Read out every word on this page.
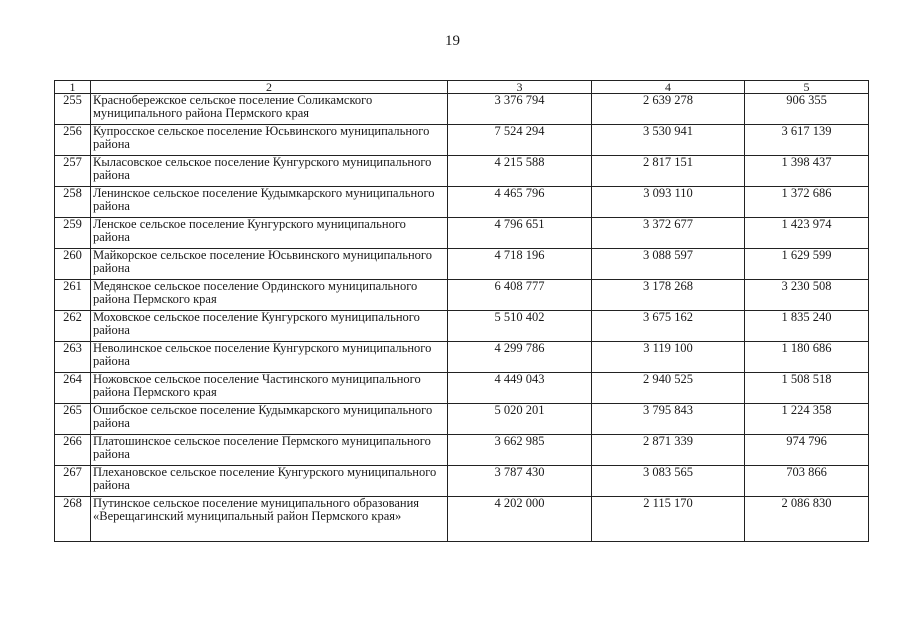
19
1	2	3	4	5
255	Краснобережское сельское поселение Соликамского муниципального района Пермского края	3 376 794	2 639 278	906 355
256	Купросское сельское поселение Юсьвинского муниципального района	7 524 294	3 530 941	3 617 139
257	Кыласовское сельское поселение Кунгурского муниципального района	4 215 588	2 817 151	1 398 437
258	Ленинское сельское поселение Кудымкарского муниципального района	4 465 796	3 093 110	1 372 686
259	Ленское сельское поселение Кунгурского муниципального района	4 796 651	3 372 677	1 423 974
260	Майкорское сельское поселение Юсьвинского муниципального района	4 718 196	3 088 597	1 629 599
261	Медянское сельское поселение Ординского муниципального района Пермского края	6 408 777	3 178 268	3 230 508
262	Моховское сельское поселение Кунгурского муниципального района	5 510 402	3 675 162	1 835 240
263	Неволинское сельское поселение Кунгурского муниципального района	4 299 786	3 119 100	1 180 686
264	Ножовское сельское поселение Частинского муниципального района Пермского края	4 449 043	2 940 525	1 508 518
265	Ошибское сельское поселение Кудымкарского муниципального района	5 020 201	3 795 843	1 224 358
266	Платошинское сельское поселение Пермского муниципального района	3 662 985	2 871 339	974 796
267	Плехановское сельское поселение Кунгурского муниципального района	3 787 430	3 083 565	703 866
268	Путинское сельское поселение муниципального образования «Верещагинский муниципальный район Пермского края»	4 202 000	2 115 170	2 086 830
